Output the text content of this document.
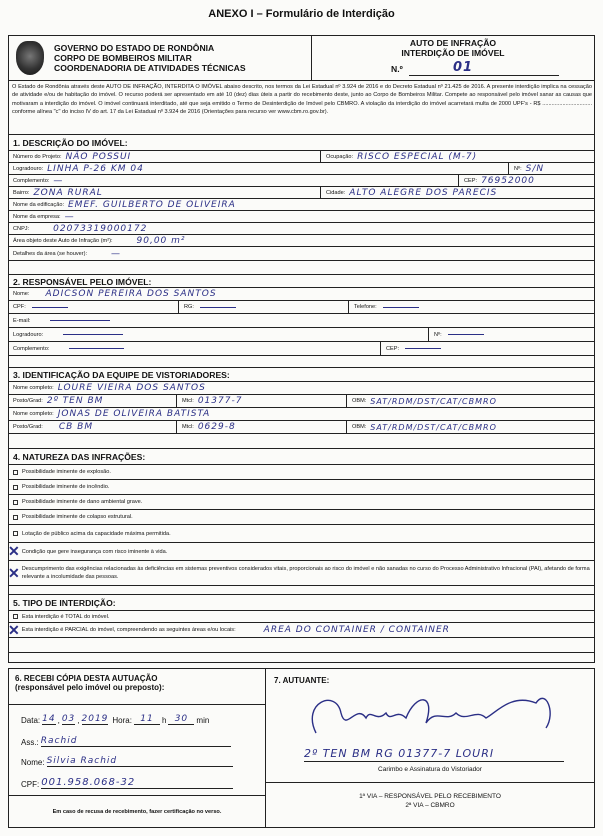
ANEXO I – Formulário de Interdição
GOVERNO DO ESTADO DE RONDÔNIA
CORPO DE BOMBEIROS MILITAR
COORDENADORIA DE ATIVIDADES TÉCNICAS
AUTO DE INFRAÇÃO
INTERDIÇÃO DE IMÓVEL
N.º	01
O Estado de Rondônia através deste AUTO DE INFRAÇÃO, INTERDITA O IMÓVEL abaixo descrito, nos termos da Lei Estadual nº 3.924 de 2016 e do Decreto Estadual nº 21.425 de 2016. A presente interdição implica na cessação de atividade e/ou de habitação do imóvel. O recurso poderá ser apresentado em até 10 (dez) dias úteis a partir do recebimento deste, junto ao Corpo de Bombeiros Militar. Compete ao responsável pelo imóvel sanar as causas que motivaram a interdição do imóvel. O imóvel continuará interditado, até que seja emitido o Termo de Desinterdição de Imóvel pelo CBMRO. A violação da interdição do imóvel acarretará multa de 2000 UPF's - R$ ................................ conforme alínea "c" do inciso IV do art. 17 da Lei Estadual nº 3.924 de 2016 (Orientações para recurso ver www.cbm.ro.gov.br).
1. DESCRIÇÃO DO IMÓVEL:
Número do Projeto: NÃO POSSUI	Ocupação: RISCO ESPECIAL (M-7)
Logradouro: LINHA P-26 KM 04	Nº: S/N
Complemento: —	CEP: 76952000
Bairro: ZONA RURAL	Cidade: ALTO ALEGRE DOS PARECIS
Nome da edificação: EMEF. GUILBERTO DE OLIVEIRA
Nome da empresa: —
CNPJ:	02073319000172
Área objeto deste Auto de Infração (m²):	90,00 m²
Detalhes da área (se houver):	—
2. RESPONSÁVEL PELO IMÓVEL:
Nome: ADICSON PEREIRA DOS SANTOS
CPF:	RG:	Telefone:
E-mail:
Logradouro:	Nº:
Complemento:	CEP:
3. IDENTIFICAÇÃO DA EQUIPE DE VISTORIADORES:
Nome completo: LOURE VIEIRA DOS SANTOS
Posto/Grad: 2º TEN BM	Mtcl: 01377-7	OBM: SAT/RDM/DST/CAT/CBMRO
Nome completo: JONAS DE OLIVEIRA BATISTA
Posto/Grad: CB BM	Mtcl: 0629-8	OBM: SAT/RDM/DST/CAT/CBMRO
4. NATUREZA DAS INFRAÇÕES:
Possibilidade iminente de explosão.
Possibilidade iminente de incêndio.
Possibilidade iminente de dano ambiental grave.
Possibilidade iminente de colapso estrutural.
Lotação de público acima da capacidade máxima permitida.
✕ Condição que gere insegurança com risco iminente à vida.
✕ Descumprimento das exigências relacionadas às deficiências em sistemas preventivos considerados vitais, proporcionais ao risco do imóvel e não sanadas no curso do Processo Administrativo Infracional (PAI), afetando de forma relevante a incolumidade das pessoas.
5. TIPO DE INTERDIÇÃO:
Esta interdição é TOTAL do imóvel.
✕ Esta interdição é PARCIAL do imóvel, compreendendo as seguintes áreas e/ou locais:	AREA DO CONTAINER / CONTAINER
6. RECEBI CÓPIA DESTA AUTUAÇÃO
(responsável pelo imóvel ou preposto):
Data: 14 , 03 , 2019 Hora: 11	h 30	min
Ass.: Rachid
Nome: Silvia Rachid
CPF: 001.958.068-32
Em caso de recusa de recebimento, fazer certificação no verso.
7. AUTUANTE:
2º TEN BM RG 01377-7 LOURI
Carimbo e Assinatura do Vistoriador
1ª VIA – RESPONSÁVEL PELO RECEBIMENTO
2ª VIA – CBMRO
